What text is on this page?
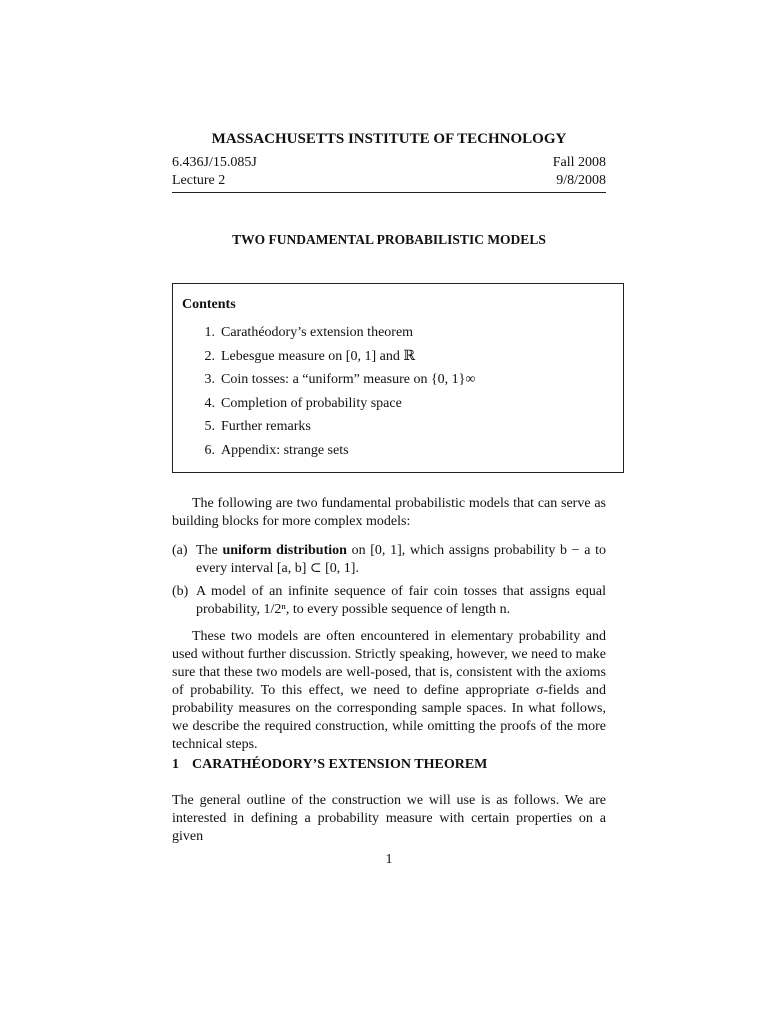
MASSACHUSETTS INSTITUTE OF TECHNOLOGY
6.436J/15.085J	Fall 2008
Lecture 2	9/8/2008
TWO FUNDAMENTAL PROBABILISTIC MODELS
Contents
1. Carathéodory’s extension theorem
2. Lebesgue measure on [0, 1] and ℝ
3. Coin tosses: a “uniform” measure on {0, 1}∞
4. Completion of probability space
5. Further remarks
6. Appendix: strange sets
The following are two fundamental probabilistic models that can serve as building blocks for more complex models:
(a) The uniform distribution on [0, 1], which assigns probability b − a to every interval [a, b] ⊂ [0, 1].
(b) A model of an infinite sequence of fair coin tosses that assigns equal probability, 1/2ⁿ, to every possible sequence of length n.
These two models are often encountered in elementary probability and used without further discussion. Strictly speaking, however, we need to make sure that these two models are well-posed, that is, consistent with the axioms of probability. To this effect, we need to define appropriate σ-fields and probability measures on the corresponding sample spaces. In what follows, we describe the required construction, while omitting the proofs of the more technical steps.
1 CARATHÉODORY’S EXTENSION THEOREM
The general outline of the construction we will use is as follows. We are interested in defining a probability measure with certain properties on a given
1
